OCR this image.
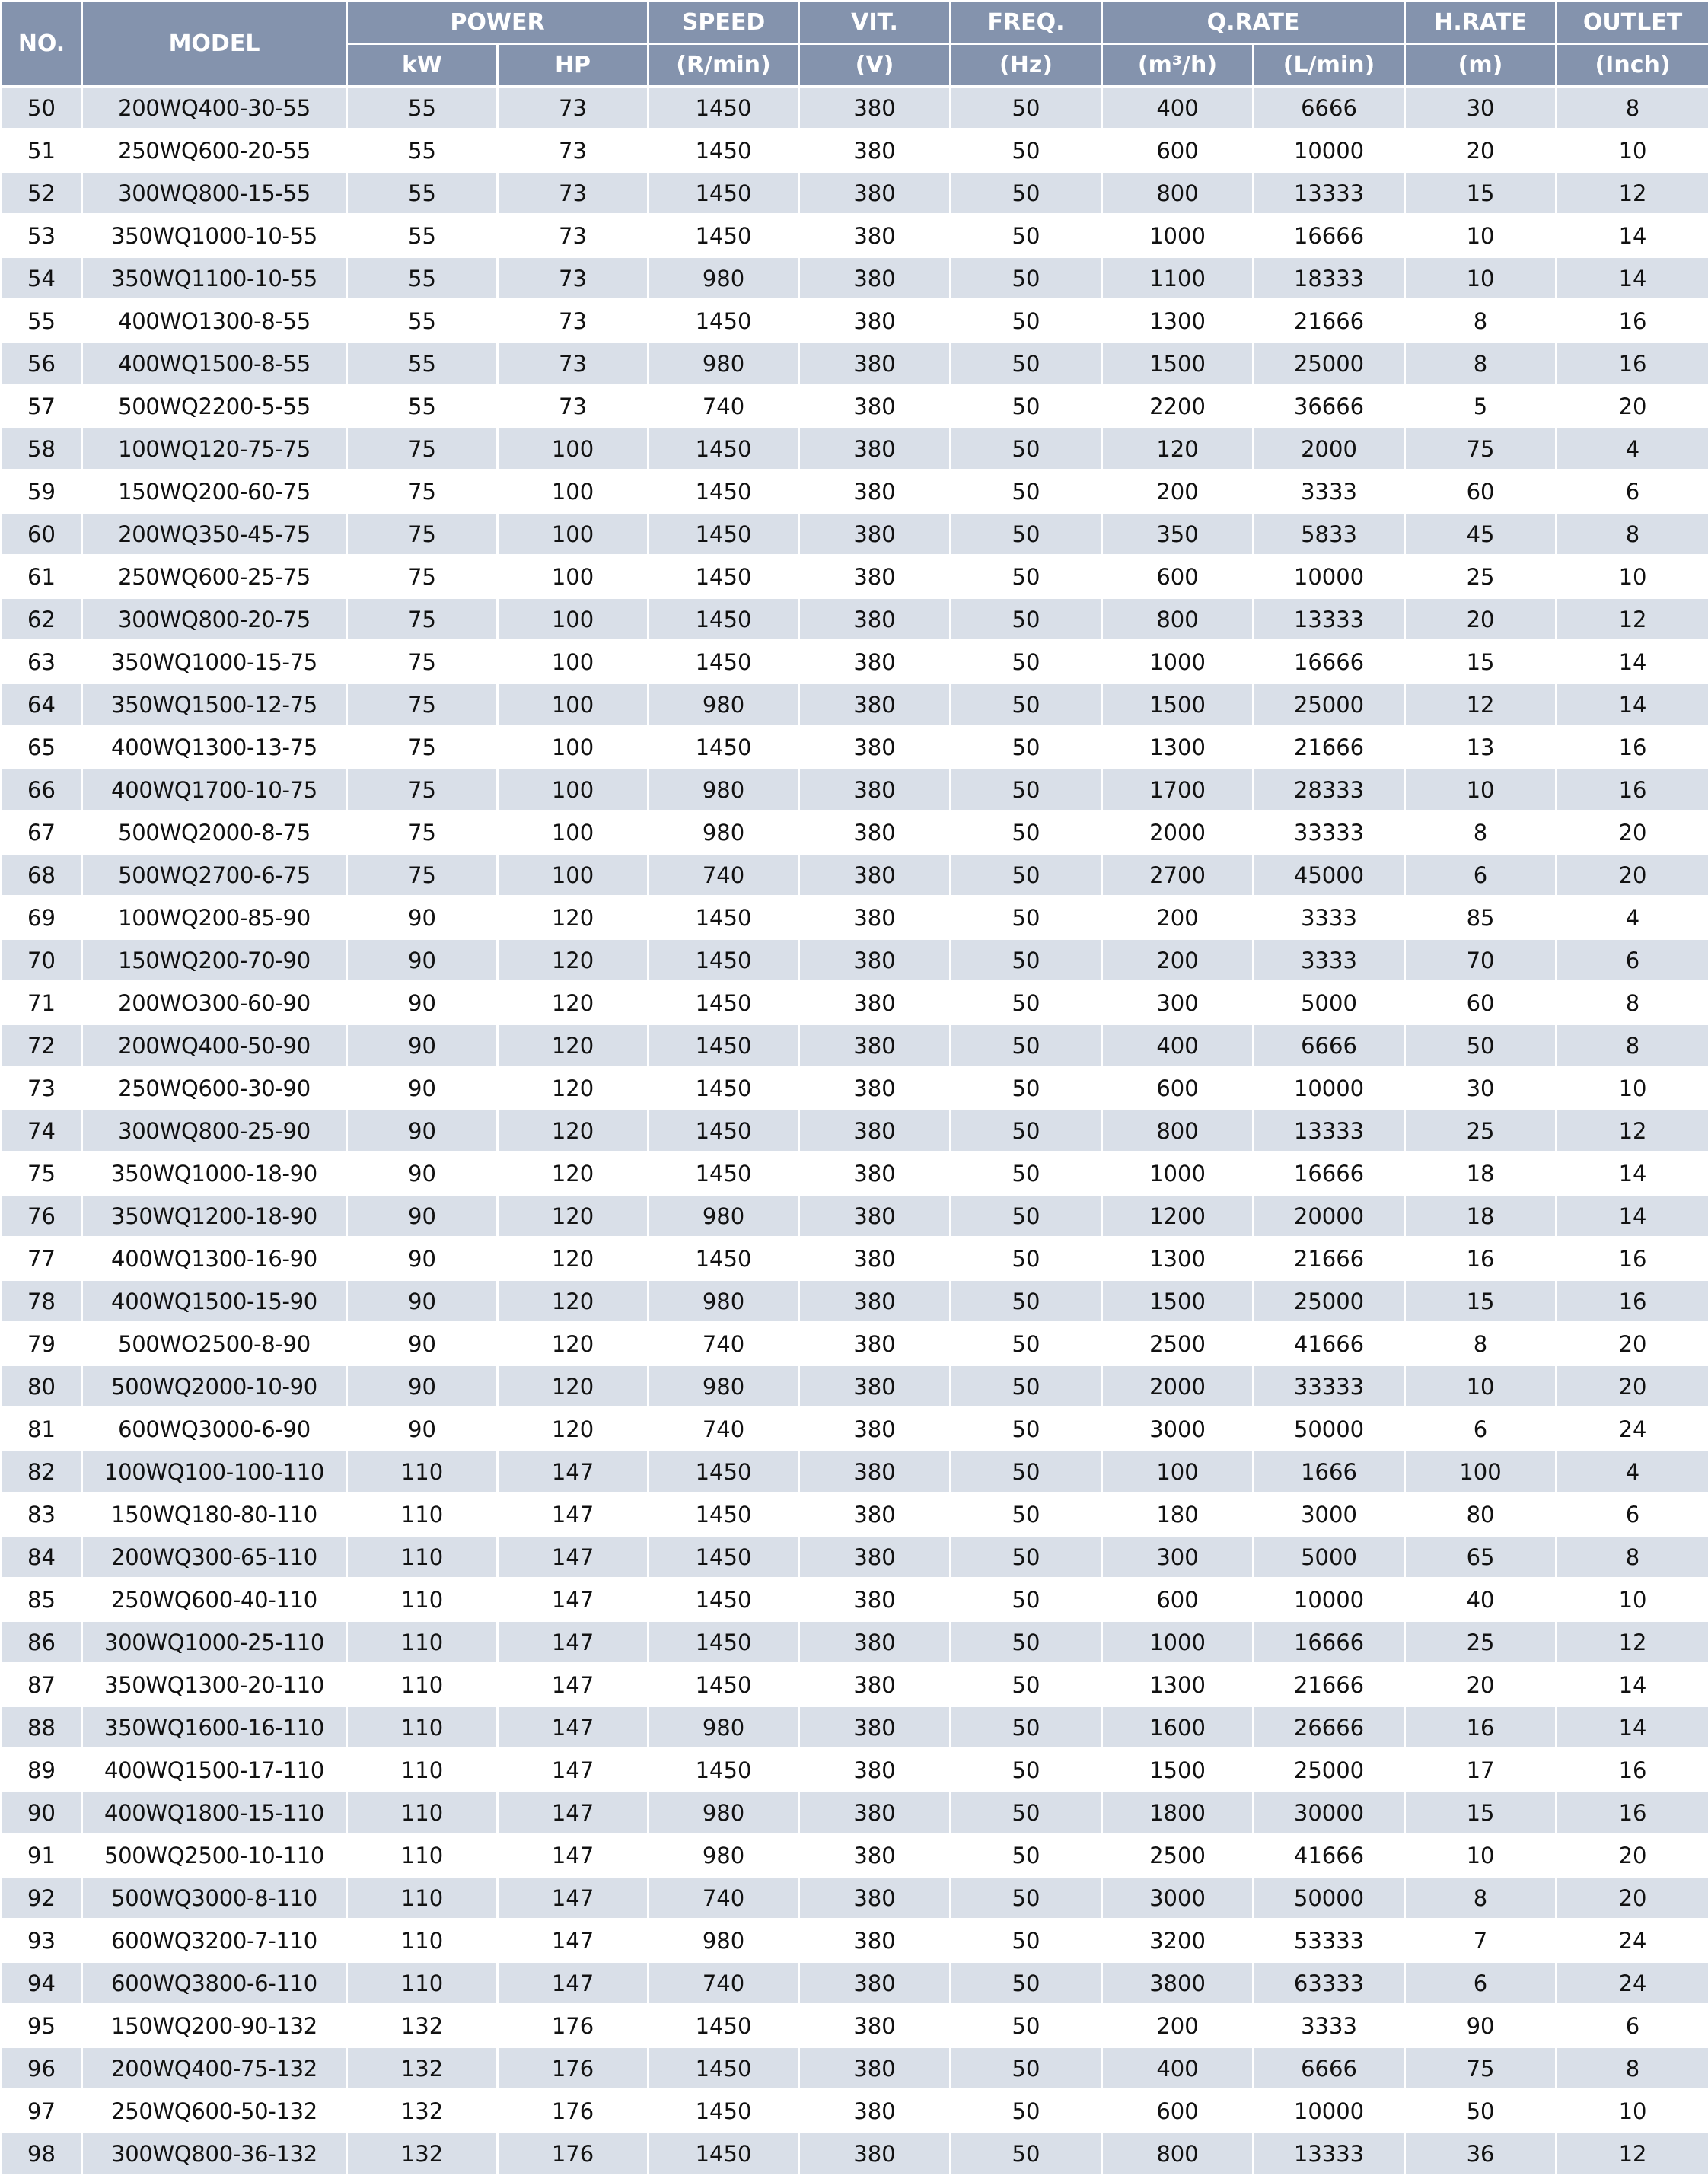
NO.	MODEL	POWER		SPEED	VIT.	FREQ.	Q.RATE		H.RATE	OUTLET
		kW	HP	(R/min)	(V)	(Hz)	(m³/h)	(L/min)	(m)	(Inch)
50	200WQ400-30-55	55	73	1450	380	50	400	6666	30	8
51	250WQ600-20-55	55	73	1450	380	50	600	10000	20	10
52	300WQ800-15-55	55	73	1450	380	50	800	13333	15	12
53	350WQ1000-10-55	55	73	1450	380	50	1000	16666	10	14
54	350WQ1100-10-55	55	73	980	380	50	1100	18333	10	14
55	400WO1300-8-55	55	73	1450	380	50	1300	21666	8	16
56	400WQ1500-8-55	55	73	980	380	50	1500	25000	8	16
57	500WQ2200-5-55	55	73	740	380	50	2200	36666	5	20
58	100WQ120-75-75	75	100	1450	380	50	120	2000	75	4
59	150WQ200-60-75	75	100	1450	380	50	200	3333	60	6
60	200WQ350-45-75	75	100	1450	380	50	350	5833	45	8
61	250WQ600-25-75	75	100	1450	380	50	600	10000	25	10
62	300WQ800-20-75	75	100	1450	380	50	800	13333	20	12
63	350WQ1000-15-75	75	100	1450	380	50	1000	16666	15	14
64	350WQ1500-12-75	75	100	980	380	50	1500	25000	12	14
65	400WQ1300-13-75	75	100	1450	380	50	1300	21666	13	16
66	400WQ1700-10-75	75	100	980	380	50	1700	28333	10	16
67	500WQ2000-8-75	75	100	980	380	50	2000	33333	8	20
68	500WQ2700-6-75	75	100	740	380	50	2700	45000	6	20
69	100WQ200-85-90	90	120	1450	380	50	200	3333	85	4
70	150WQ200-70-90	90	120	1450	380	50	200	3333	70	6
71	200WO300-60-90	90	120	1450	380	50	300	5000	60	8
72	200WQ400-50-90	90	120	1450	380	50	400	6666	50	8
73	250WQ600-30-90	90	120	1450	380	50	600	10000	30	10
74	300WQ800-25-90	90	120	1450	380	50	800	13333	25	12
75	350WQ1000-18-90	90	120	1450	380	50	1000	16666	18	14
76	350WQ1200-18-90	90	120	980	380	50	1200	20000	18	14
77	400WQ1300-16-90	90	120	1450	380	50	1300	21666	16	16
78	400WQ1500-15-90	90	120	980	380	50	1500	25000	15	16
79	500WO2500-8-90	90	120	740	380	50	2500	41666	8	20
80	500WQ2000-10-90	90	120	980	380	50	2000	33333	10	20
81	600WQ3000-6-90	90	120	740	380	50	3000	50000	6	24
82	100WQ100-100-110	110	147	1450	380	50	100	1666	100	4
83	150WQ180-80-110	110	147	1450	380	50	180	3000	80	6
84	200WQ300-65-110	110	147	1450	380	50	300	5000	65	8
85	250WQ600-40-110	110	147	1450	380	50	600	10000	40	10
86	300WQ1000-25-110	110	147	1450	380	50	1000	16666	25	12
87	350WQ1300-20-110	110	147	1450	380	50	1300	21666	20	14
88	350WQ1600-16-110	110	147	980	380	50	1600	26666	16	14
89	400WQ1500-17-110	110	147	1450	380	50	1500	25000	17	16
90	400WQ1800-15-110	110	147	980	380	50	1800	30000	15	16
91	500WQ2500-10-110	110	147	980	380	50	2500	41666	10	20
92	500WQ3000-8-110	110	147	740	380	50	3000	50000	8	20
93	600WQ3200-7-110	110	147	980	380	50	3200	53333	7	24
94	600WQ3800-6-110	110	147	740	380	50	3800	63333	6	24
95	150WQ200-90-132	132	176	1450	380	50	200	3333	90	6
96	200WQ400-75-132	132	176	1450	380	50	400	6666	75	8
97	250WQ600-50-132	132	176	1450	380	50	600	10000	50	10
98	300WQ800-36-132	132	176	1450	380	50	800	13333	36	12
